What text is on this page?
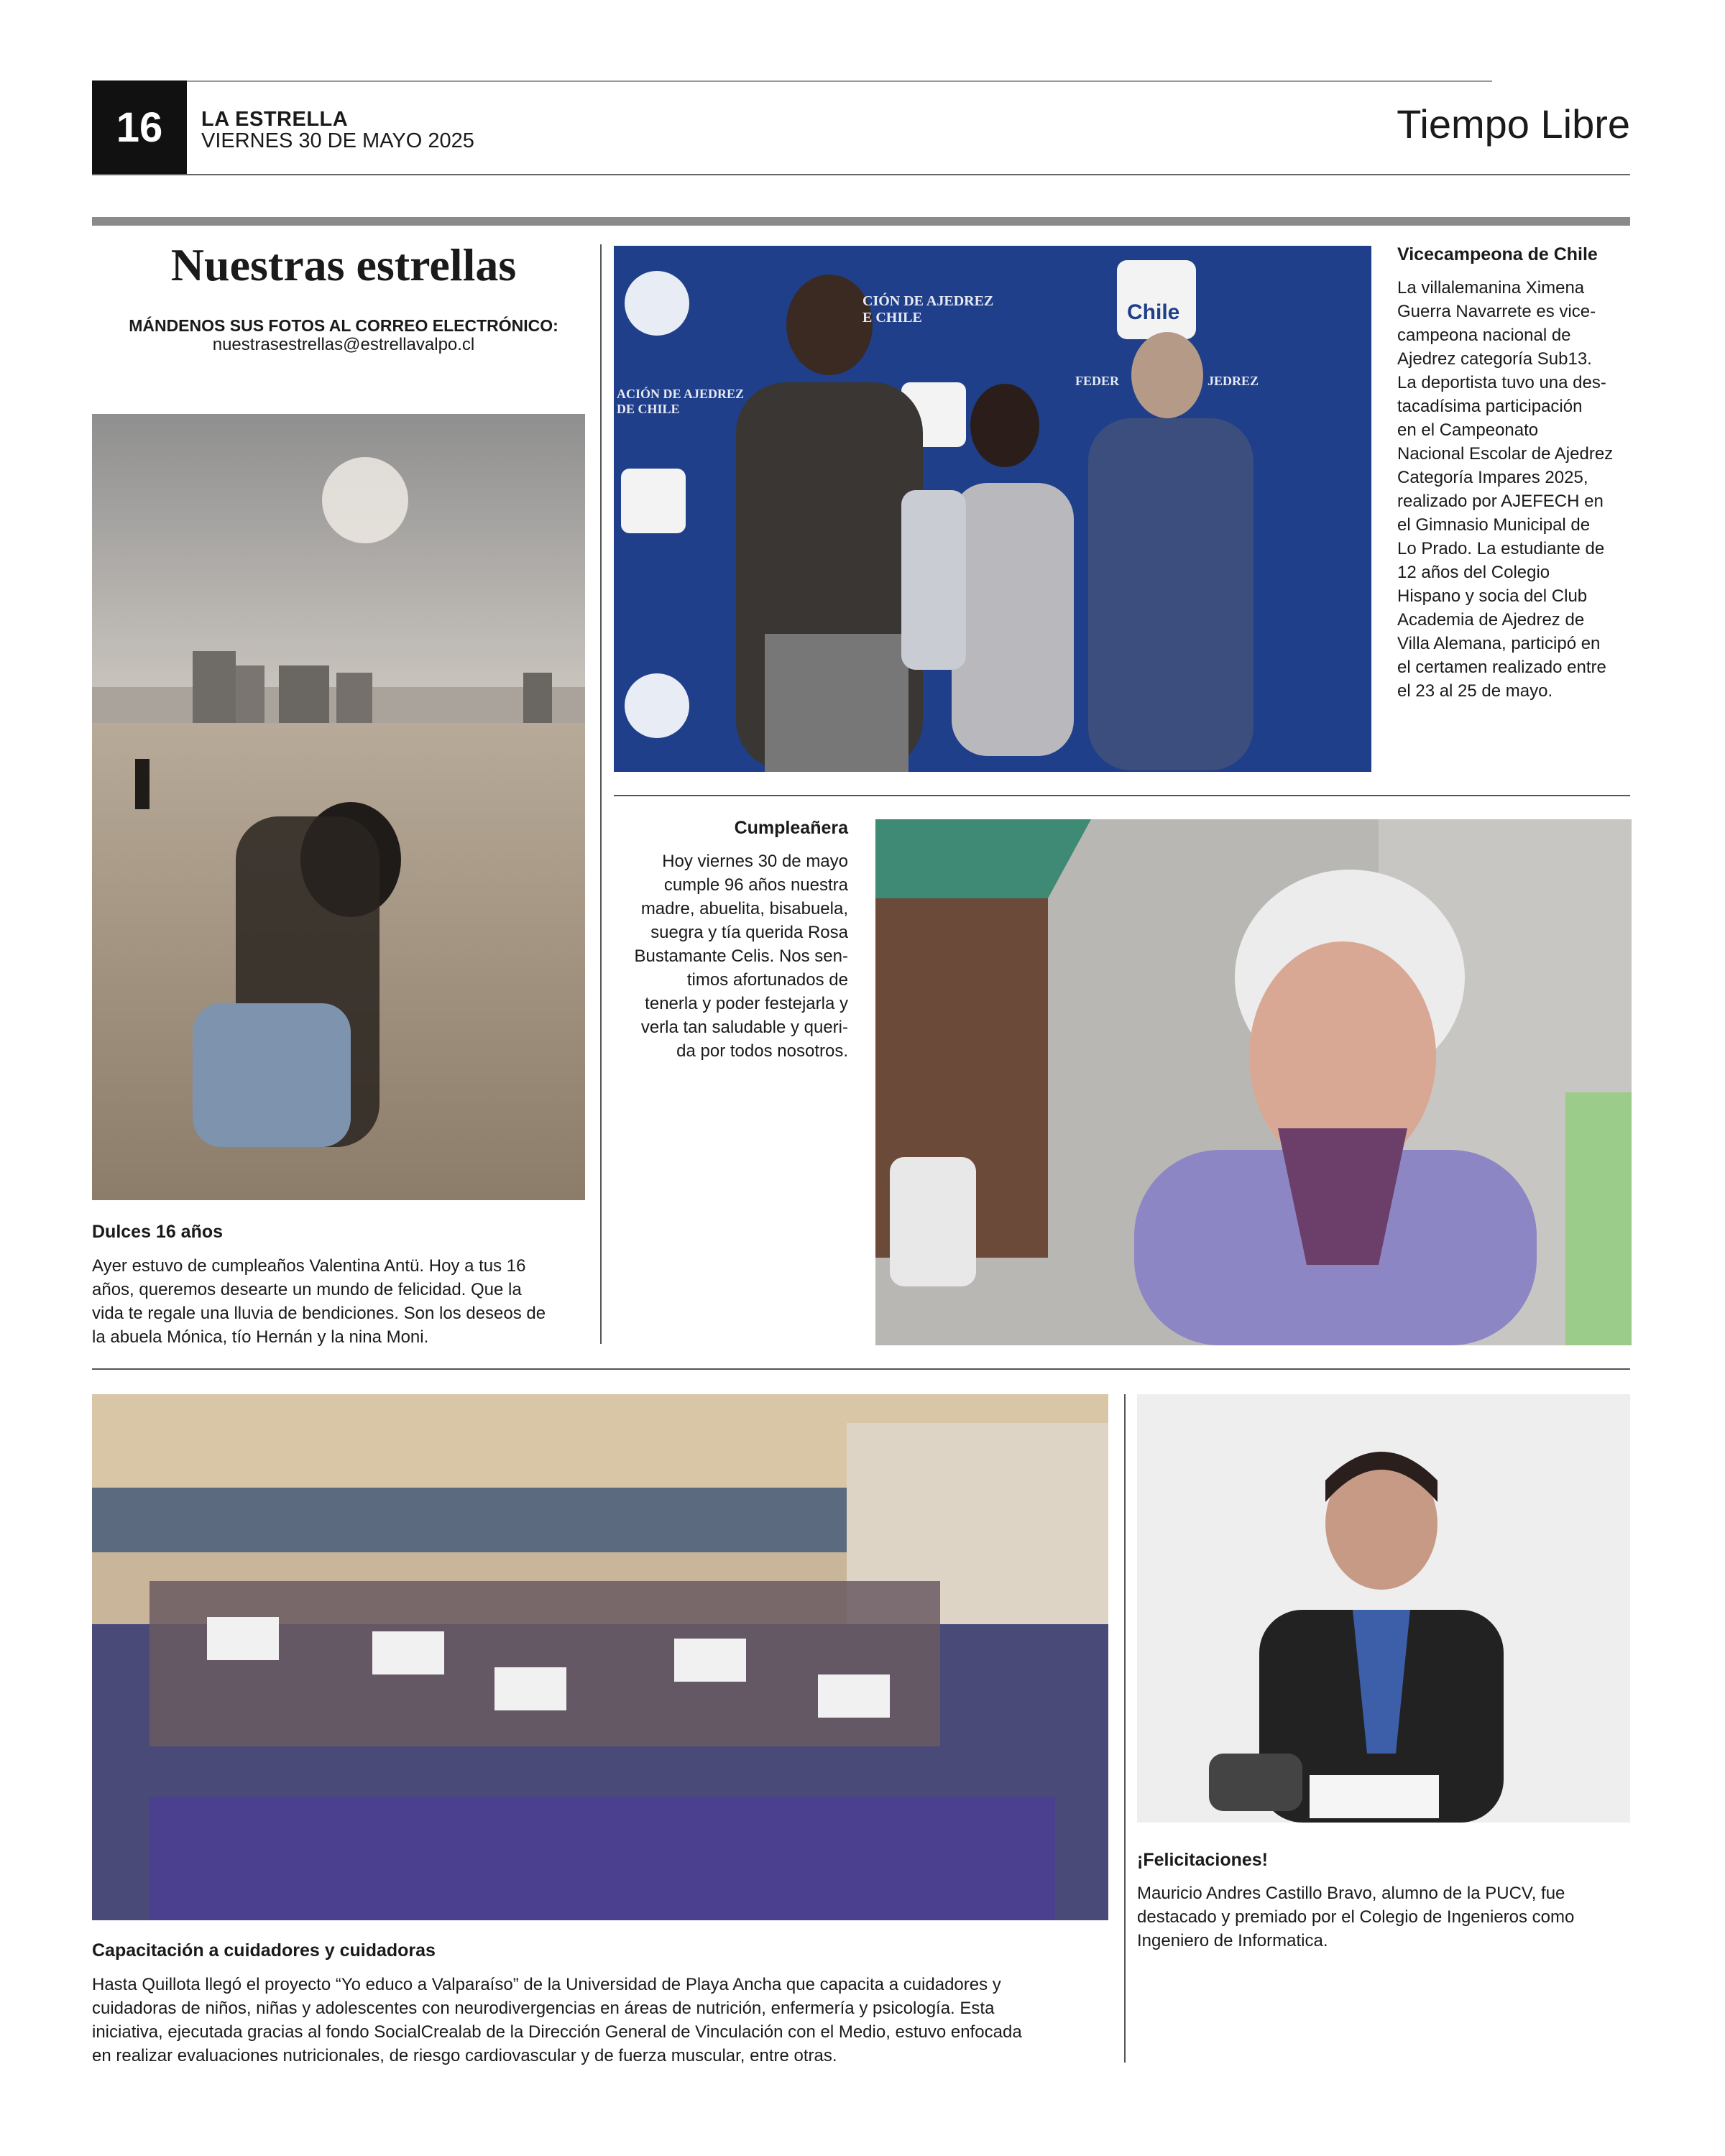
16 LA ESTRELLA
VIERNES 30 DE MAYO 2025	Tiempo Libre
Nuestras estrellas
MÁNDENOS SUS FOTOS AL CORREO ELECTRÓNICO:
nuestrasestrellas@estrellavalpo.cl
Dulces 16 años
Ayer estuvo de cumpleaños Valentina Antü. Hoy a tus 16
años, queremos desearte un mundo de felicidad. Que la
vida te regale una lluvia de bendiciones. Son los deseos de
la abuela Mónica, tío Hernán y la nina Moni.
CIÓN DE AJEDREZ
E CHILE
ACIÓN DE AJEDREZ
DE CHILE
FEDER	JEDREZ
Chile
Vicecampeona de Chile
La villalemanina Ximena
Guerra Navarrete es vice-
campeona nacional de
Ajedrez categoría Sub13.
La deportista tuvo una des-
tacadísima participación
en el Campeonato
Nacional Escolar de Ajedrez
Categoría Impares 2025,
realizado por AJEFECH en
el Gimnasio Municipal de
Lo Prado. La estudiante de
12 años del Colegio
Hispano y socia del Club
Academia de Ajedrez de
Villa Alemana, participó en
el certamen realizado entre
el 23 al 25 de mayo.
Cumpleañera
Hoy viernes 30 de mayo
cumple 96 años nuestra
madre, abuelita, bisabuela,
suegra y tía querida Rosa
Bustamante Celis. Nos sen-
timos afortunados de
tenerla y poder festejarla y
verla tan saludable y queri-
da por todos nosotros.
Capacitación a cuidadores y cuidadoras
Hasta Quillota llegó el proyecto “Yo educo a Valparaíso” de la Universidad de Playa Ancha que capacita a cuidadores y
cuidadoras de niños, niñas y adolescentes con neurodivergencias en áreas de nutrición, enfermería y psicología. Esta
iniciativa, ejecutada gracias al fondo SocialCrealab de la Dirección General de Vinculación con el Medio, estuvo enfocada
en realizar evaluaciones nutricionales, de riesgo cardiovascular y de fuerza muscular, entre otras.
¡Felicitaciones!
Mauricio Andres Castillo Bravo, alumno de la PUCV, fue
destacado y premiado por el Colegio de Ingenieros como
Ingeniero de Informatica.
